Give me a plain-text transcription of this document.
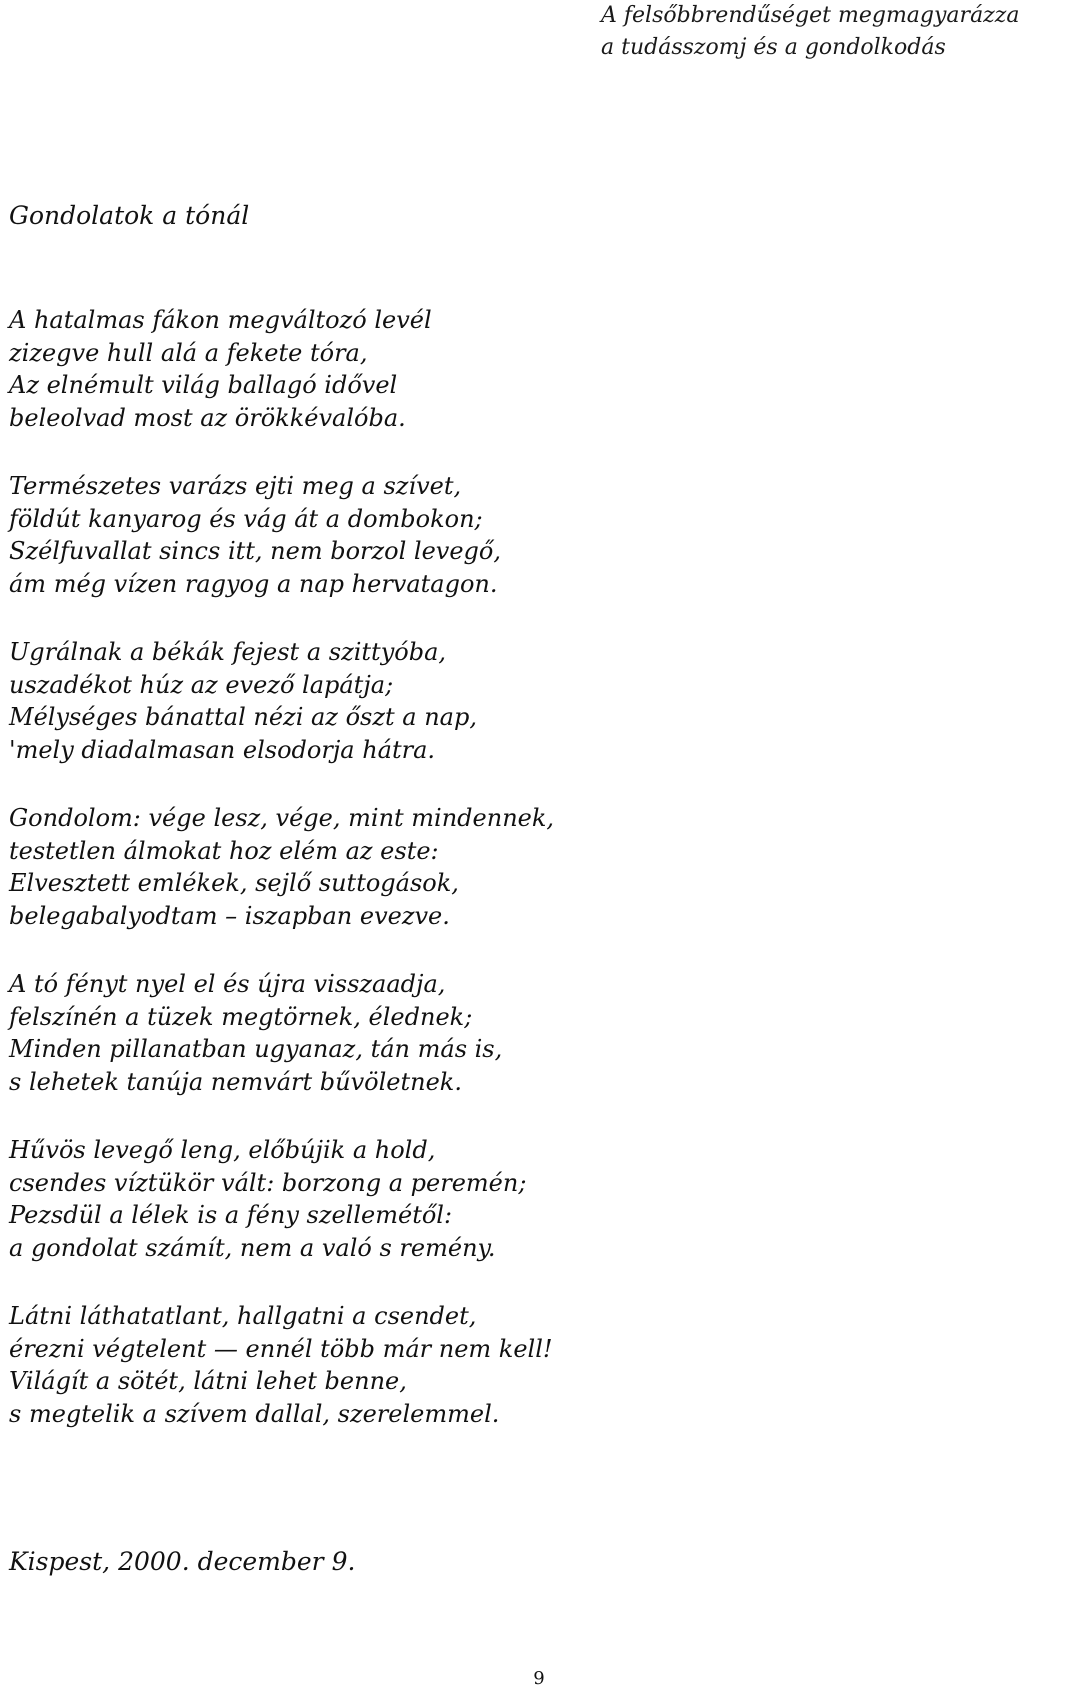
A felsőbbrendűséget megmagyarázza
a tudásszomj és a gondolkodás
Gondolatok a tónál
A hatalmas fákon megváltozó levél
zizegve hull alá a fekete tóra,
Az elnémult világ ballagó idővel
beleolvad most az örökkévalóba.
Természetes varázs ejti meg a szívet,
földút kanyarog és vág át a dombokon;
Szélfuvallat sincs itt, nem borzol levegő,
ám még vízen ragyog a nap hervatagon.
Ugrálnak a békák fejest a szittyóba,
uszadékot húz az evező lapátja;
Mélységes bánattal nézi az őszt a nap,
'mely diadalmasan elsodorja hátra.
Gondolom: vége lesz, vége, mint mindennek,
testetlen álmokat hoz elém az este:
Elvesztett emlékek, sejlő suttogások,
belegabalyodtam – iszapban evezve.
A tó fényt nyel el és újra visszaadja,
felszínén a tüzek megtörnek, élednek;
Minden pillanatban ugyanaz, tán más is,
s lehetek tanúja nemvárt bűvöletnek.
Hűvös levegő leng, előbújik a hold,
csendes víztükör vált: borzong a peremén;
Pezsdül a lélek is a fény szellemétől:
a gondolat számít, nem a való s remény.
Látni láthatatlant, hallgatni a csendet,
érezni végtelent — ennél több már nem kell!
Világít a sötét, látni lehet benne,
s megtelik a szívem dallal, szerelemmel.
Kispest, 2000. december 9.
9
